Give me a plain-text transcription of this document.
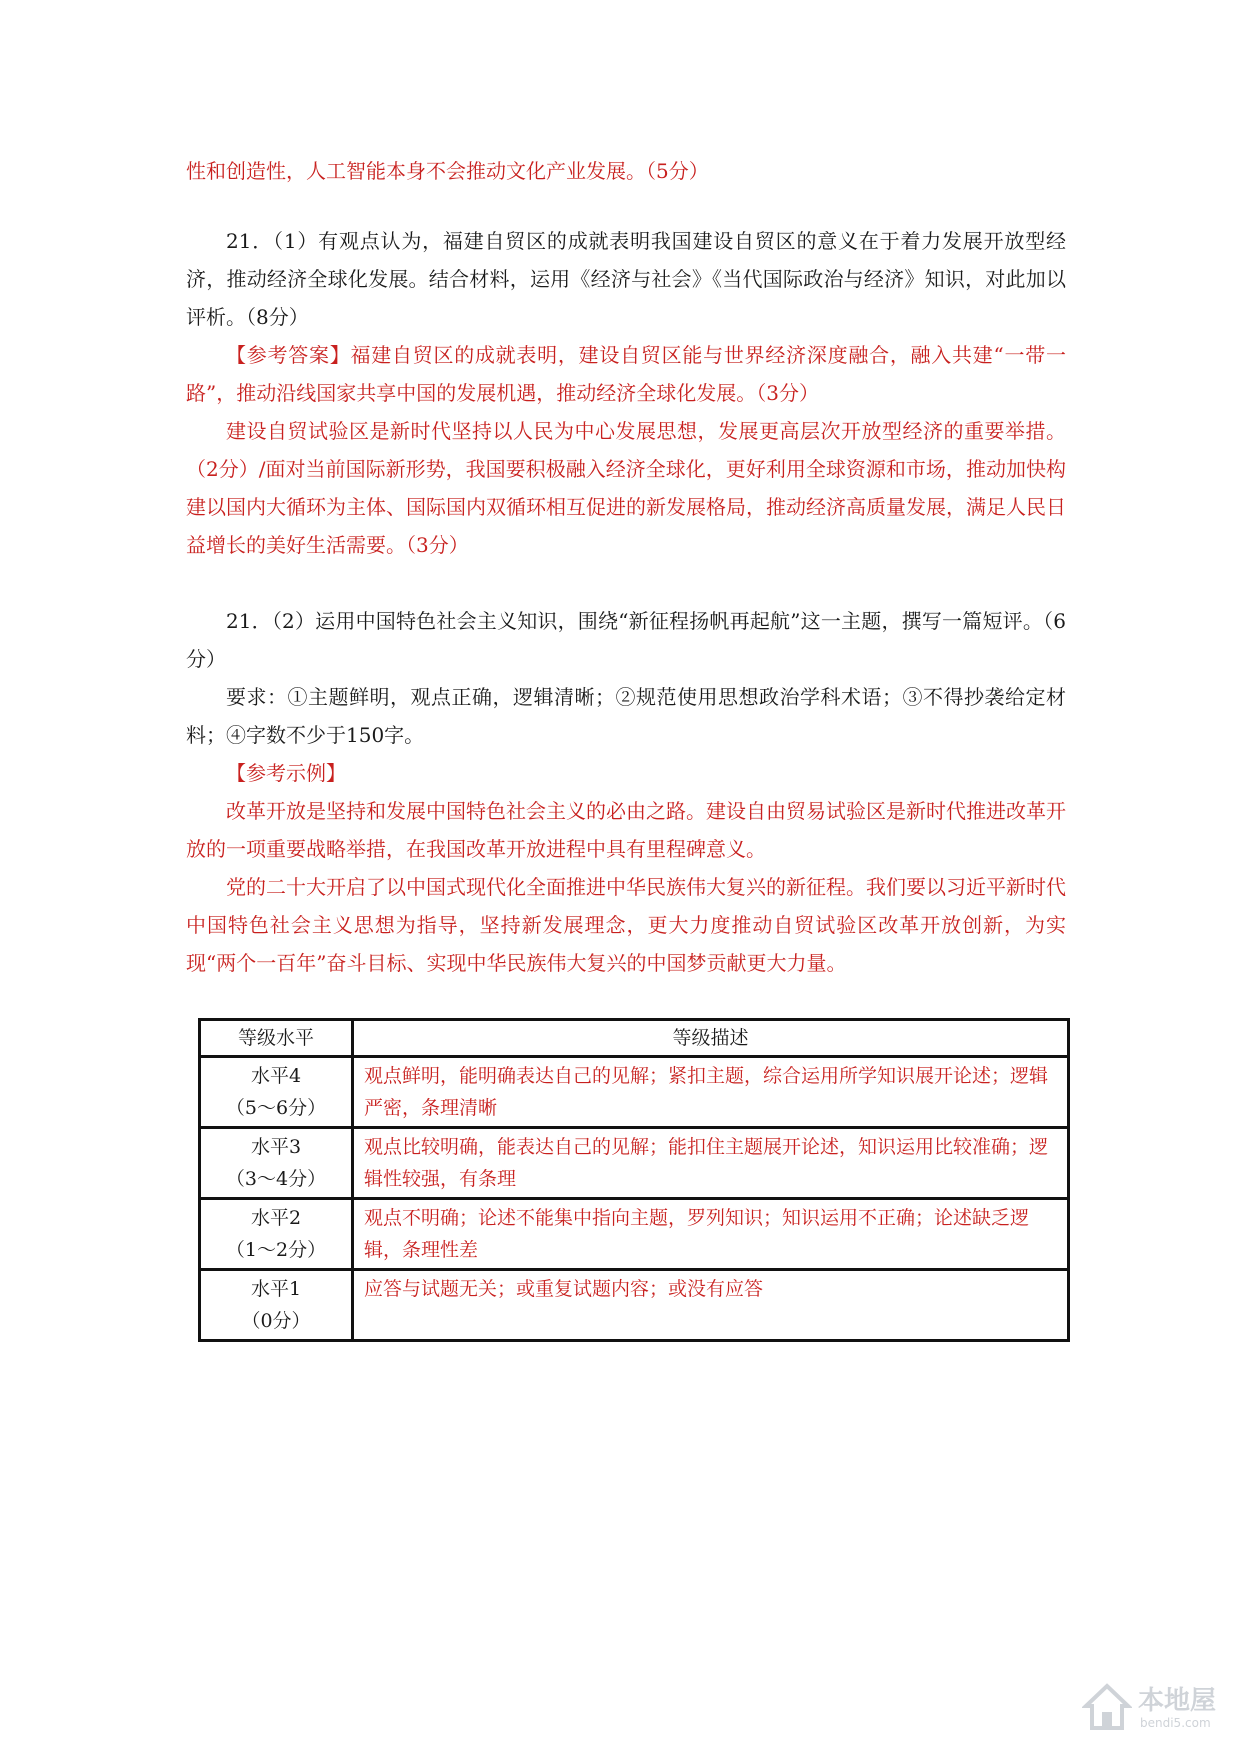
性和创造性，人工智能本身不会推动文化产业发展。（5分）

21．（1）有观点认为，福建自贸区的成就表明我国建设自贸区的意义在于着力发展开放型经济，推动经济全球化发展。结合材料，运用《经济与社会》《当代国际政治与经济》知识，对此加以评析。（8分）

【参考答案】福建自贸区的成就表明，建设自贸区能与世界经济深度融合，融入共建“一带一路”，推动沿线国家共享中国的发展机遇，推动经济全球化发展。（3分）

建设自贸试验区是新时代坚持以人民为中心发展思想，发展更高层次开放型经济的重要举措。（2分）/面对当前国际新形势，我国要积极融入经济全球化，更好利用全球资源和市场，推动加快构建以国内大循环为主体、国际国内双循环相互促进的新发展格局，推动经济高质量发展，满足人民日益增长的美好生活需要。（3分）

21．（2）运用中国特色社会主义知识，围绕“新征程扬帆再起航”这一主题，撰写一篇短评。（6分）

要求：①主题鲜明，观点正确，逻辑清晰；②规范使用思想政治学科术语；③不得抄袭给定材料；④字数不少于150字。

【参考示例】

改革开放是坚持和发展中国特色社会主义的必由之路。建设自由贸易试验区是新时代推进改革开放的一项重要战略举措，在我国改革开放进程中具有里程碑意义。

党的二十大开启了以中国式现代化全面推进中华民族伟大复兴的新征程。我们要以习近平新时代中国特色社会主义思想为指导，坚持新发展理念，更大力度推动自贸试验区改革开放创新，为实现“两个一百年”奋斗目标、实现中华民族伟大复兴的中国梦贡献更大力量。

等级水平	等级描述

水平4
（5～6分）	观点鲜明，能明确表达自己的见解；紧扣主题，综合运用所学知识展开论述；逻辑严密，条理清晰

水平3
（3～4分）	观点比较明确，能表达自己的见解；能扣住主题展开论述，知识运用比较准确；逻辑性较强，有条理

水平2
（1～2分）	观点不明确；论述不能集中指向主题，罗列知识；知识运用不正确；论述缺乏逻辑，条理性差

水平1
（0分）	应答与试题无关；或重复试题内容；或没有应答
本地屋
bendi5.com
